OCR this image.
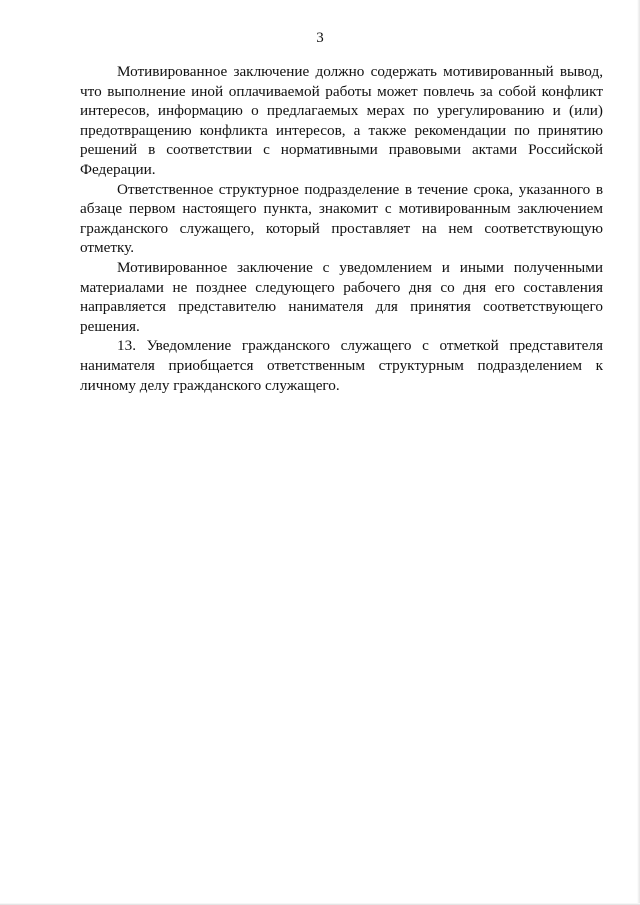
3

Мотивированное заключение должно содержать мотивированный вывод, что выполнение иной оплачиваемой работы может повлечь за собой конфликт интересов, информацию о предлагаемых мерах по урегулированию и (или) предотвращению конфликта интересов, а также рекомендации по принятию решений в соответствии с нормативными правовыми актами Российской Федерации.

Ответственное структурное подразделение в течение срока, указанного в абзаце первом настоящего пункта, знакомит с мотивированным заключением гражданского служащего, который проставляет на нем соответствующую отметку.

Мотивированное заключение с уведомлением и иными полученными материалами не позднее следующего рабочего дня со дня его составления направляется представителю нанимателя для принятия соответствующего решения.

13. Уведомление гражданского служащего с отметкой представителя нанимателя приобщается ответственным структурным подразделением к личному делу гражданского служащего.
